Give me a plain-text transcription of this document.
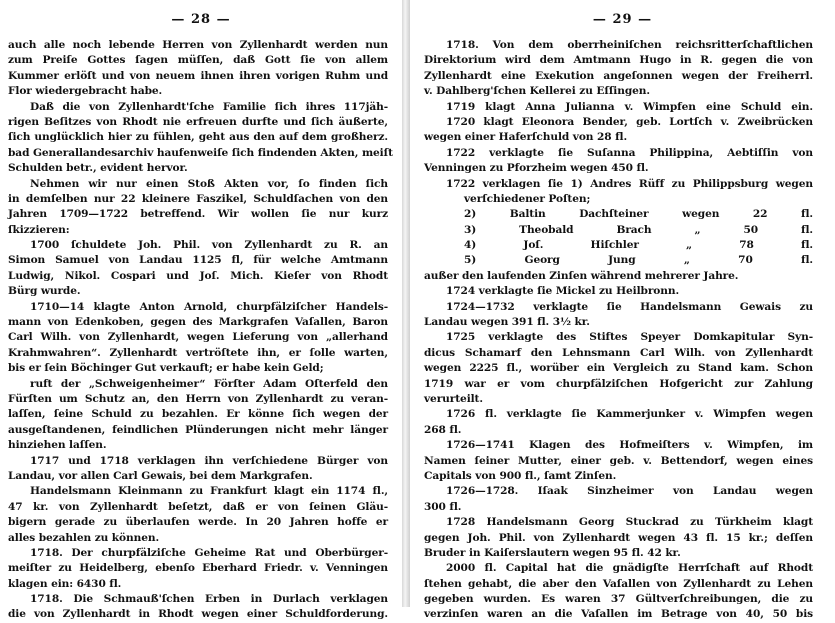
— 28 —
auch alle noch lebende Herren von Zyllenhardt werden nun
zum Preiſe Gottes ſagen müſſen, daß Gott ſie von allem
Kummer erlöſt und von neuem ihnen ihren vorigen Ruhm und
Flor wiedergebracht habe.
Daß die von Zyllenhardt'ſche Familie ſich ihres 117jäh-
rigen Beſitzes von Rhodt nie erfreuen durfte und ſich äußerte,
ſich unglücklich hier zu fühlen, geht aus den auf dem großherz.
bad Generallandesarchiv haufenweiſe ſich findenden Akten, meiſt
Schulden betr., evident hervor.
Nehmen wir nur einen Stoß Akten vor, ſo finden ſich
in demſelben nur 22 kleinere Faszikel, Schuldſachen von den
Jahren 1709—1722 betreffend. Wir wollen ſie nur kurz
ſkizzieren:
1700 ſchuldete Joh. Phil. von Zyllenhardt zu R. an
Simon Samuel von Landau 1125 fl, für welche Amtmann
Ludwig, Nikol. Cospari und Joſ. Mich. Kieſer von Rhodt
Bürg wurde.
1710—14 klagte Anton Arnold, churpfälziſcher Handels-
mann von Edenkoben, gegen des Markgrafen Vaſallen, Baron
Carl Wilh. von Zyllenhardt, wegen Lieferung von „allerhand
Krahmwahren“. Zyllenhardt vertröſtete ihn, er ſolle warten,
bis er ſein Böchinger Gut verkauft; er habe kein Geld;
ruft der „Schweigenheimer“ Förſter Adam Oſterfeld den
Fürſten um Schutz an, den Herrn von Zyllenhardt zu veran-
laſſen, ſeine Schuld zu bezahlen. Er könne ſich wegen der
ausgeſtandenen, feindlichen Plünderungen nicht mehr länger
hinziehen laſſen.
1717 und 1718 verklagen ihn verſchiedene Bürger von
Landau, vor allen Carl Gewais, bei dem Markgrafen.
Handelsmann Kleinmann zu Frankfurt klagt ein 1174 fl.,
47 kr. von Zyllenhardt beſetzt, daß er von ſeinen Gläu-
bigern gerade zu überlaufen werde. In 20 Jahren hoffe er
alles bezahlen zu können.
1718. Der churpfälziſche Geheime Rat und Oberbürger-
meiſter zu Heidelberg, ebenſo Eberhard Friedr. v. Venningen
klagen ein: 6430 fl.
1718. Die Schmauß'ſchen Erben in Durlach verklagen
die von Zyllenhardt in Rhodt wegen einer Schuldforderung.
— 29 —
1718. Von dem oberrheiniſchen reichsritterſchaftlichen
Direktorium wird dem Amtmann Hugo in R. gegen die von
Zyllenhardt eine Exekution angeſonnen wegen der Freiherrl.
v. Dahlberg'ſchen Kellerei zu Eſſingen.
1719 klagt Anna Julianna v. Wimpfen eine Schuld ein.
1720 klagt Eleonora Bender, geb. Lortſch v. Zweibrücken
wegen einer Haferſchuld von 28 fl.
1722 verklagte ſie Suſanna Philippina, Aebtiſſin von
Venningen zu Pforzheim wegen 450 fl.
1722 verklagen ſie 1) Andres Rüff zu Philippsburg wegen
verſchiedener Poſten;
2) Baltin Dachſteiner wegen 22 fl.
3) Theobald Brach „ 50 fl.
4) Joſ. Hiſchler „ 78 fl.
5) Georg Jung „ 70 fl.
außer den laufenden Zinſen während mehrerer Jahre.
1724 verklagte ſie Mickel zu Heilbronn.
1724—1732 verklagte ſie Handelsmann Gewais zu
Landau wegen 391 fl. 3½ kr.
1725 verklagte des Stiftes Speyer Domkapitular Syn-
dicus Schamarf den Lehnsmann Carl Wilh. von Zyllenhardt
wegen 2225 fl., worüber ein Vergleich zu Stand kam. Schon
1719 war er vom churpfälziſchen Hofgericht zur Zahlung
verurteilt.
1726 fl. verklagte ſie Kammerjunker v. Wimpfen wegen
268 fl.
1726—1741 Klagen des Hofmeiſters v. Wimpfen, im
Namen ſeiner Mutter, einer geb. v. Bettendorf, wegen eines
Capitals von 900 fl., ſamt Zinſen.
1726—1728. Iſaak Sinzheimer von Landau wegen
300 fl.
1728 Handelsmann Georg Stuckrad zu Türkheim klagt
gegen Joh. Phil. von Zyllenhardt wegen 43 fl. 15 kr.; deſſen
Bruder in Kaiſerslautern wegen 95 fl. 42 kr.
2000 fl. Capital hat die gnädigſte Herrſchaft auf Rhodt
ſtehen gehabt, die aber den Vaſallen von Zyllenhardt zu Lehen
gegeben wurden. Es waren 37 Gültverſchreibungen, die zu
verzinſen waren an die Vaſallen im Betrage von 40, 50 bis
